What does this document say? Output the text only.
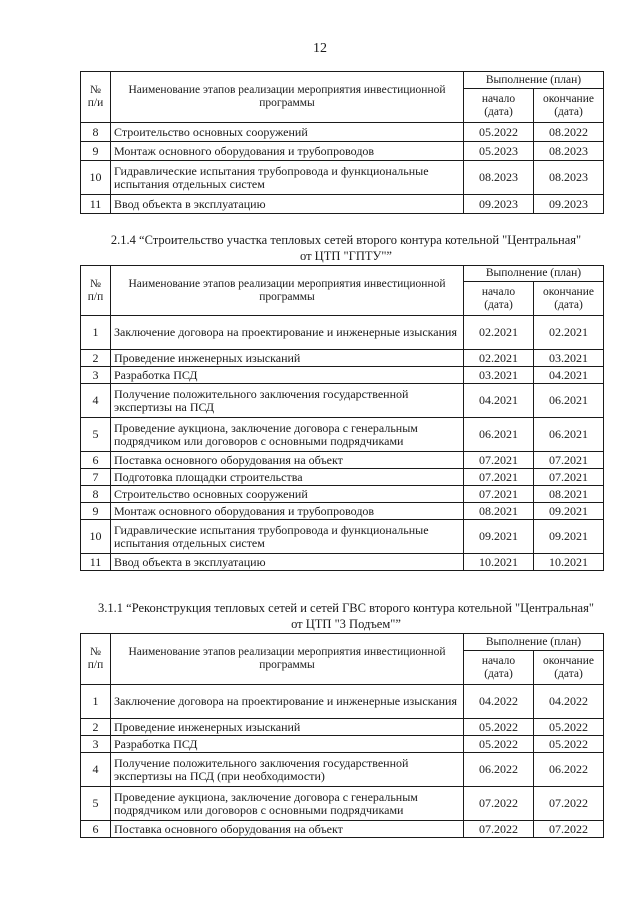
12
№ п/и	Наименование этапов реализации мероприятия инвестиционной программы	Выполнение (план)	
		начало (дата)	окончание (дата)
8	Строительство основных сооружений	05.2022	08.2022
9	Монтаж основного оборудования и трубопроводов	05.2023	08.2023
10	Гидравлические испытания трубопровода и функциональные испытания отдельных систем	08.2023	08.2023
11	Ввод объекта в эксплуатацию	09.2023	09.2023
2.1.4 “Строительство участка тепловых сетей второго контура котельной "Центральная"
от ЦТП "ГПТУ"”
№ п/п	Наименование этапов реализации мероприятия инвестиционной программы	Выполнение (план)	
		начало (дата)	окончание (дата)
1	Заключение договора на проектирование и инженерные изыскания	02.2021	02.2021
2	Проведение инженерных изысканий	02.2021	03.2021
3	Разработка ПСД	03.2021	04.2021
4	Получение положительного заключения государственной экспертизы на ПСД	04.2021	06.2021
5	Проведение аукциона, заключение договора с генеральным подрядчиком или договоров с основными подрядчиками	06.2021	06.2021
6	Поставка основного оборудования на объект	07.2021	07.2021
7	Подготовка площадки строительства	07.2021	07.2021
8	Строительство основных сооружений	07.2021	08.2021
9	Монтаж основного оборудования и трубопроводов	08.2021	09.2021
10	Гидравлические испытания трубопровода и функциональные испытания отдельных систем	09.2021	09.2021
11	Ввод объекта в эксплуатацию	10.2021	10.2021
3.1.1 “Реконструкция тепловых сетей и сетей ГВС второго контура котельной "Центральная"
от ЦТП "3 Подъем"”
№ п/п	Наименование этапов реализации мероприятия инвестиционной программы	Выполнение (план)	
		начало (дата)	окончание (дата)
1	Заключение договора на проектирование и инженерные изыскания	04.2022	04.2022
2	Проведение инженерных изысканий	05.2022	05.2022
3	Разработка ПСД	05.2022	05.2022
4	Получение положительного заключения государственной экспертизы на ПСД (при необходимости)	06.2022	06.2022
5	Проведение аукциона, заключение договора с генеральным подрядчиком или договоров с основными подрядчиками	07.2022	07.2022
6	Поставка основного оборудования на объект	07.2022	07.2022
